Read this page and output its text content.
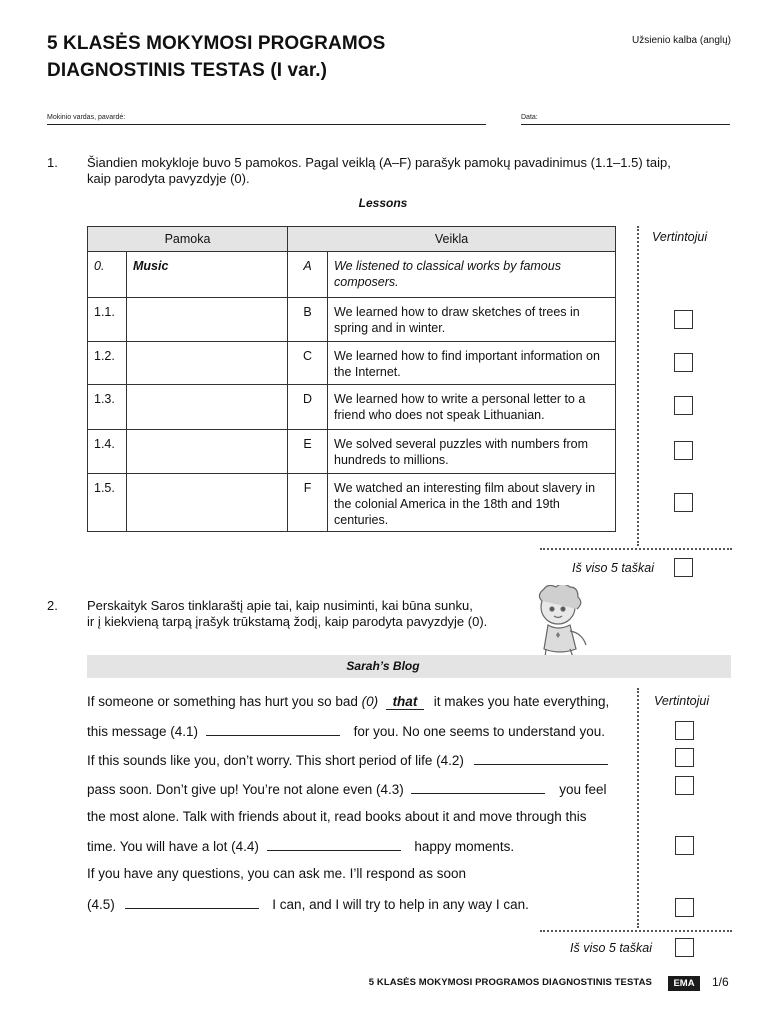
5 KLASĖS MOKYMOSI PROGRAMOS
DIAGNOSTINIS TESTAS (I var.)
Užsienio kalba (anglų)
Mokinio vardas, pavardė:	Data:
1. Šiandien mokykloje buvo 5 pamokos. Pagal veiklą (A–F) parašyk pamokų pavadinimus (1.1–1.5) taip,
kaip parodyta pavyzdyje (0).
Lessons
Pamoka		Veikla	
0.	Music	A	We listened to classical works by famous composers.
1.1.		B	We learned how to draw sketches of trees in spring and in winter.
1.2.		C	We learned how to find important information on the Internet.
1.3.		D	We learned how to write a personal letter to a friend who does not speak Lithuanian.
1.4.		E	We solved several puzzles with numbers from hundreds to millions.
1.5.		F	We watched an interesting film about slavery in the colonial America in the 18th and 19th centuries.
Vertintojui
Iš viso 5 taškai
2. Perskaityk Saros tinklaraštį apie tai, kaip nusiminti, kai būna sunku,
ir į kiekvieną tarpą įrašyk trūkstamą žodį, kaip parodyta pavyzdyje (0).
Sarah’s Blog
If someone or something has hurt you so bad (0) that it makes you hate everything,
this message (4.1)	for you. No one seems to understand you.
If this sounds like you, don’t worry. This short period of life (4.2)
pass soon. Don’t give up! You’re not alone even (4.3)	you feel
the most alone. Talk with friends about it, read books about it and move through this
time. You will have a lot (4.4)	happy moments.
If you have any questions, you can ask me. I’ll respond as soon
(4.5)	I can, and I will try to help in any way I can.
Vertintojui
Iš viso 5 taškai
5 KLASĖS MOKYMOSI PROGRAMOS DIAGNOSTINIS TESTAS	EMA	1/6
